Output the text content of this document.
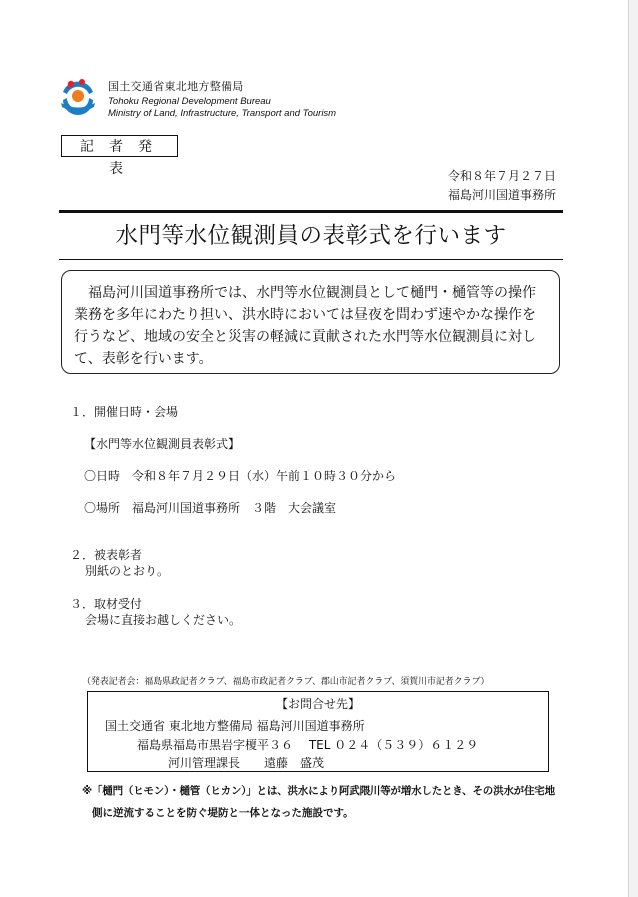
国土交通省東北地方整備局
Tohoku Regional Development Bureau
Ministry of Land, Infrastructure, Transport and Tourism
記者発表	令和８年７月２７日
福島河川国道事務所
水門等水位観測員の表彰式を行います
福島河川国道事務所では、水門等水位観測員として樋門・樋管等の操作業務を多年にわたり担い、洪水時においては昼夜を問わず速やかな操作を行うなど、地域の安全と災害の軽減に貢献された水門等水位観測員に対して、表彰を行います。
１．開催日時・会場
【水門等水位観測員表彰式】
〇日時　令和８年７月２９日（水）午前１０時３０分から
〇場所　福島河川国道事務所　３階　大会議室
２．被表彰者
別紙のとおり。
３．取材受付
会場に直接お越しください。
（発表記者会：福島県政記者クラブ、福島市政記者クラブ、郡山市記者クラブ、須賀川市記者クラブ）
【お問合せ先】
国土交通省 東北地方整備局 福島河川国道事務所
福島県福島市黒岩字榎平３６　 TEL ０２４（５３９）６１２９
河川管理課長　　遠藤　盛茂
※「樋門（ヒモン）・樋管（ヒカン）」とは、洪水により阿武隈川等が増水したとき、その洪水が住宅地
側に逆流することを防ぐ堤防と一体となった施設です。
